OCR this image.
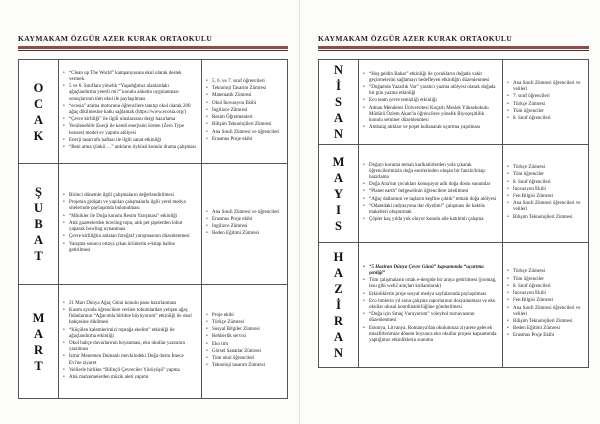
KAYMAKAM ÖZGÜR AZER KURAK ORTAOKULU
O
C
A
K

• “Clean up The World” kampanyasına okul olarak destek vermek.
• 5 ve 6. Sınıflara yönelik “Yaşadığımız alanlardaki ağaçlandırma yeterli mi?” konulu anketin uygulanması sonuçlarının tüm okul ile paylaşılması
• “ecosia” arama motorunu öğrencilere tanıtıp okul olarak 200 ağaç dikilmesine katkı sağlamak (https://www.ecosia.org/)
• “Çevre kirliliği” ile ilgili uluslararası dergi hazırlama
• Yenilenebilir Enerji ile kendi enerjisini üreten (Zero Type houses) model ev yapımı atölyesi
• Enerji tasarrufu haftası ile ilgili sanat etkinliği
• “Beni atma çünkü …” atıkların öyküsü konulu drama çalışması

• 5, 6. ve 7. sınıf öğrencileri
• Teknoloji Tasarım Zümresi
• Matematik Zümresi
• Okul İnovasyon Ekibi
• İngilizce Zümresi
• Resim Öğretmenleri
• Bilişim Teknolojileri Zümresi
• Ana Sınıfı Zümresi ve öğrencileri
• Erasmus Proje ekibi

Ş
U
B
A
T

• Birinci dönemle ilgili çalışmaların değerlendirilmesi
• Projenin gidişatı ve yapılan çalışmalarla ilgili yerel medya sitelerinde paylaşımda bulunulması
• “Minikler ile Doğa konulu Resim Yarışması” etkinliği
• Atık gazetelerden bowling topu, atık pet şişelerden lobut yaparak bowling oynanması
• Çevre kirliliğini anlatan fotoğraf yarışmasının düzenlenmesi
• Yarışma sonucu ortaya çıkan ürünlerin e-kitap haline getirilmesi

• Ana Sınıfı Zümresi ve öğrencileri
• Erasmus Proje ekibi
• İngilizce Zümresi
• Beden Eğitimi Zümresi

M
A
R
T

• 21 Mart Dünya Ağaç Günü konulu pano hazırlanması
• Kasım ayında öğrencilere verilen tohumlardan yetişen ağaç fidanlarının “Ağacımla birlikte büyüyorum” etkinliği ile okul bahçesine dikilmesi
• “Küçülen kalemlerimizi toprağa ekelim” etkinliği ile ağaçlandırma etkinliği
• Okul bahçe duvarlarının boyanması, eko okullar yazısının yazılması
• İzmir Menemen Dumanlı mevkiindeki Doğa dostu İmece Evi'ne ziyaret
• Velilerle birlikte “Bilinçli Çevreciler Yürüyüşü” yapma
• Atık malzemelerden müzik aleti yapımı

• Proje ekibi
• Türkçe Zümresi
• Sosyal Bilgiler Zümresi
• Rehberlik servisi
• Eko tim
• Görsel Sanatlar Zümresi
• Tüm okul öğrencileri
• Teknoloji tasarım Zümresi
KAYMAKAM ÖZGÜR AZER KURAK ORTAOKULU
N
İ
S
A
N

• “Hoş geldin Bahar” etkinliği ile çocukların doğada vakit geçirmelerini sağlamayı hedefleyen etkinliğin düzenlenmesi
• “Doğamda Yazarlık Var” yaratıcı yazma atölyesi olarak doğada bir gün yazma etkinliği
• Eco team çevre temizliği etkinliği
• Adnan Menderes Üniversitesi Koçarlı Meslek Yüksekokulu Müdürü Özlem Akan'la öğrencilere yönelik Biyoçeşitlilik konulu seminer düzenlenmesi
• Ambalaj atıkları ve poşet kullanarak uçurtma yapılması

• Ana Sınıfı Zümresi öğrencileri ve velileri
• 7. sınıf öğrencileri
• Türkçe Zümresi
• Tüm öğrenciler
• 8. Sınıf öğrencileri

M
A
Y
I
S

• Doğayı koruma temalı karikatürlerden yola çıkarak öğrencilerimizin doğa eserlerinden oluşan bir fanzin/kitap hazırlama
• Doğa Ana'nın çocukları konuşuyor adlı doğa dostu sunumlar
• “Planet earth” belgeselinin öğrencilere izletilmesi
• “Ağaç dallarının ve taşların keşfine çıktık” temalı doğa atölyesi
• “Odamdaki radyasyona dur diyelim!” çalışması ile kaktüs maketleri oluşturmak
• Çöpler kaç yılda yok oluyor konulu aile katılımlı çalışma

• Türkçe Zümresi
• Tüm öğrenciler
• 8. Sınıf öğrencileri
• İnovasyon Ekibi
• Fen Bilgisi Zümresi
• Ana Sınıfı Zümresi öğrencileri ve velileri
• Bilişim Teknolojileri Zümresi

H
A
Z
İ
R
A
N

• “5 Haziran Dünya Çevre Günü” kapsamında “uçurtma şenliği”
• Tüm çalışmaların ortak e-dergide bir araya getirilmesi (joomag, issu gibi web2 araçları kullanılarak)
• Etkinliklerin proje sosyal medya sayfalarında paylaşılması
• Eco timlerin yıl sonu çalışma raporlarının dosyalanması ve eko okullar ulusal koordinatörlüğüne gönderilmesi
• “Doğa için Smaç Vuruyorum” voleybol turnuvasının düzenlenmesi
• Estonya, Litvanya, Romanya'dan okulumuza ziyarete gelecek misafirlerimize dönem boyunca eko okullar projesi kapsamında yaptığımız etkinliklerin sunumu

• Türkçe Zümresi
• Tüm öğrenciler
• 8. Sınıf öğrencileri
• İnovasyon Ekibi
• Fen Bilgisi Zümresi
• Ana Sınıfı Zümresi öğrencileri ve velileri
• Bilişim Teknolojileri Zümresi
• Beden Eğitimi Zümresi
• Erasmus Proje Ekibi
